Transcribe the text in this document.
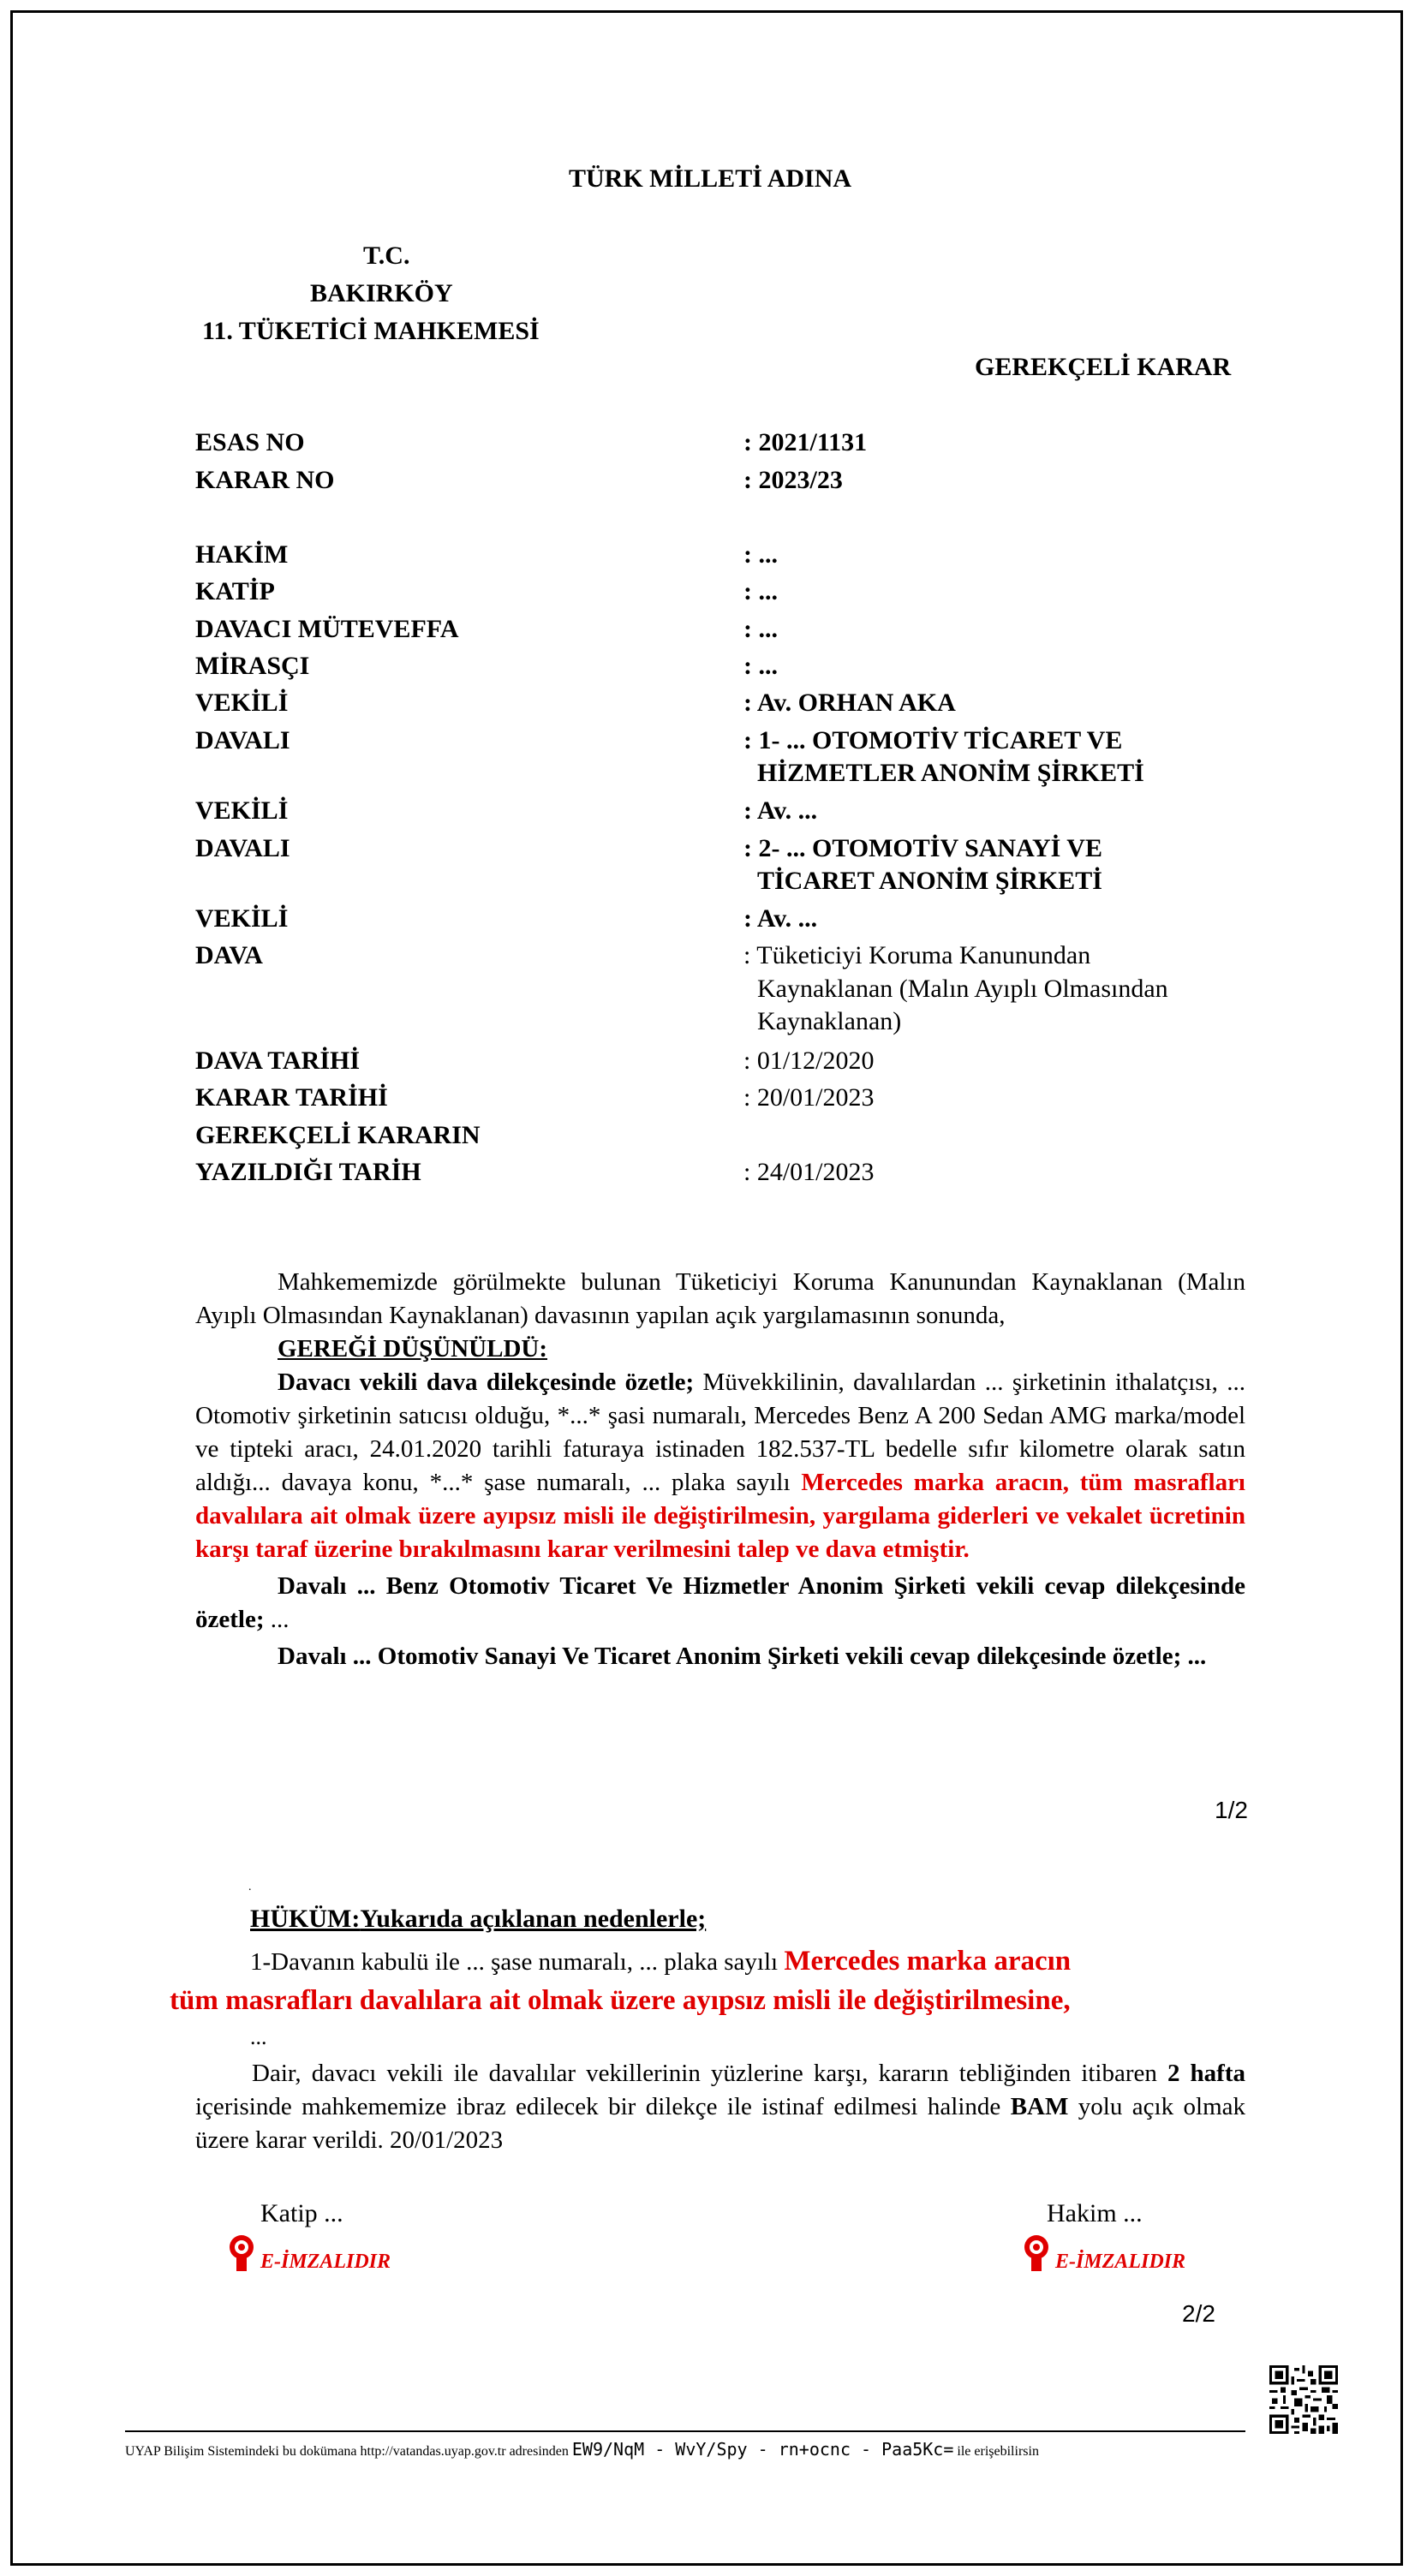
TÜRK MİLLETİ ADINA
T.C.
BAKIRKÖY
11. TÜKETİCİ MAHKEMESİ
GEREKÇELİ KARAR
ESAS NO	: 2021/1131
KARAR NO	: 2023/23
HAKİM	: ...
KATİP	: ...
DAVACI MÜTEVEFFA	: ...
MİRASÇI	: ...
VEKİLİ	: Av. ORHAN AKA
DAVALI	: 1- ... OTOMOTİV TİCARET VE
HİZMETLER ANONİM ŞİRKETİ
VEKİLİ	: Av. ...
DAVALI	: 2- ... OTOMOTİV SANAYİ VE
TİCARET ANONİM ŞİRKETİ
VEKİLİ	: Av. ...
DAVA	: Tüketiciyi Koruma Kanunundan
Kaynaklanan (Malın Ayıplı Olmasından
Kaynaklanan)
DAVA TARİHİ	: 01/12/2020
KARAR TARİHİ	: 20/01/2023
GEREKÇELİ KARARIN
YAZILDIĞI TARİH	: 24/01/2023

Mahkememizde görülmekte bulunan Tüketiciyi Koruma Kanunundan Kaynaklanan (Malın Ayıplı Olmasından Kaynaklanan) davasının yapılan açık yargılamasının sonunda,

GEREĞİ DÜŞÜNÜLDÜ:

Davacı vekili dava dilekçesinde özetle; Müvekkilinin, davalılardan ... şirketinin ithalatçısı, ... Otomotiv şirketinin satıcısı olduğu, *...* şasi numaralı, Mercedes Benz A 200 Sedan AMG marka/model ve tipteki aracı, 24.01.2020 tarihli faturaya istinaden 182.537-TL bedelle sıfır kilometre olarak satın aldığı... davaya konu, *...* şase numaralı, ... plaka sayılı Mercedes marka aracın, tüm masrafları davalılara ait olmak üzere ayıpsız misli ile değiştirilmesin, yargılama giderleri ve vekalet ücretinin karşı taraf üzerine bırakılmasını karar verilmesini talep ve dava etmiştir.

Davalı ... Benz Otomotiv Ticaret Ve Hizmetler Anonim Şirketi vekili cevap dilekçesinde özetle; ...

Davalı ... Otomotiv Sanayi Ve Ticaret Anonim Şirketi vekili cevap dilekçesinde özetle; ...

1/2
.
HÜKÜM:Yukarıda açıklanan nedenlerle;
1-Davanın kabulü ile ... şase numaralı, ... plaka sayılı Mercedes marka aracın
tüm masrafları davalılara ait olmak üzere ayıpsız misli ile değiştirilmesine,
...

Dair, davacı vekili ile davalılar vekillerinin yüzlerine karşı, kararın tebliğinden itibaren 2 hafta içerisinde mahkememize ibraz edilecek bir dilekçe ile istinaf edilmesi halinde BAM yolu açık olmak üzere karar verildi. 20/01/2023

Katip ...	Hakim ...
E-İMZALIDIR	E-İMZALIDIR
2/2
UYAP Bilişim Sistemindeki bu dokümana http://vatandas.uyap.gov.tr adresinden EW9/NqM - WvY/Spy - rn+ocnc - Paa5Kc= ile erişebilirsin
